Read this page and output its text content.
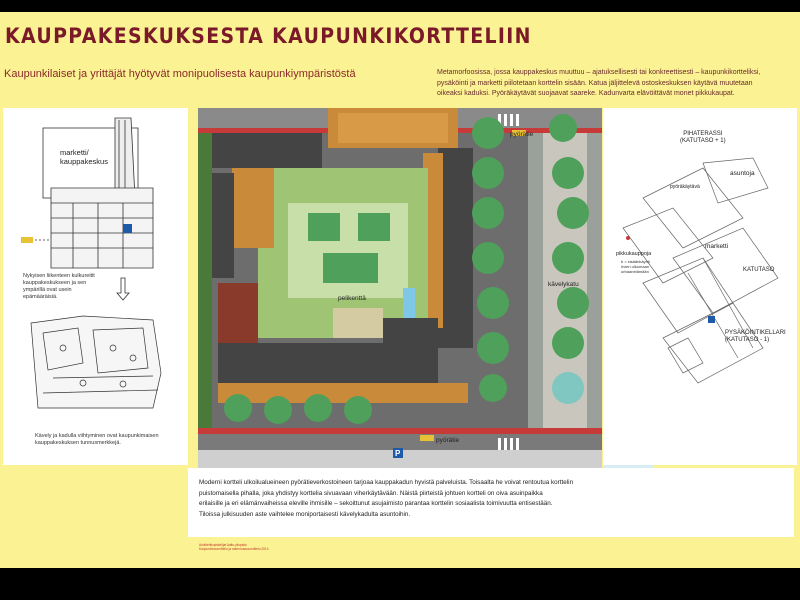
KAUPPAKESKUKSESTA KAUPUNKIKORTTELIIN
Kaupunkilaiset ja yrittäjät hyötyvät monipuolisesta kaupunkiympäristöstä	Metamorfoosissa, jossa kauppakeskus muuttuu – ajatuksellisesti tai konkreettisesti – kaupunkikortteliksi,
pysäköinti ja marketti piilotetaan korttelin sisään. Katua jäljittelevä ostoskeskuksen käytävä muutetaan
oikeaksi kaduksi. Pyöräkäytävät suojaavat saareke. Kadunvarta elävöittävät monet pikkukaupat.
marketti/
kauppakeskus
Nykyisen liikenteen kulkureitit kauppakeskukseen ja sen ympärillä ovat usein epämääräisiä.
Kävely ja kadulla viihtyminen ovat kaupunkimaisen kauppakeskuksen tunnusmerkkejä.
P
pyörätie
pyörätie
kävelykatu
pelikenttä
PIHATERASSI
(KATUTASO + 1)
asuntoja
pyöräkäytävä
marketti
pikkukauppoja
b = sisäänkäynti
övien ulkomaan
urbaanelämään	KATUTASO
PYSÄKÖINTIKELLARI
(KATUTASO - 1)
Moderni kortteli ulkoilualueineen pyörätieverkostoineen tarjoaa kauppakadun hyvistä palveluista. Toisaalta he voivat rentoutua korttelin
puistomaisella pihalla, joka yhdistyy korttelia sivuavaan viherkäytävään. Näistä piirteistä johtuen kortteli on oiva asuinpaikka
erilaisille ja eri elämänvaiheissa eleville ihmisille – sekoittunut asujaimisto parantaa korttelin sosiaalista toimivuutta entisestään.
Tiloissa julkisuuden aste vaihtelee moniportaisesti kävelykadulta asuntoihin.
Arkkitehtiopiskelijat Aalto-yliopisto
Kaupunkisuunnittelu ja rakennussuunnittelu 2014
